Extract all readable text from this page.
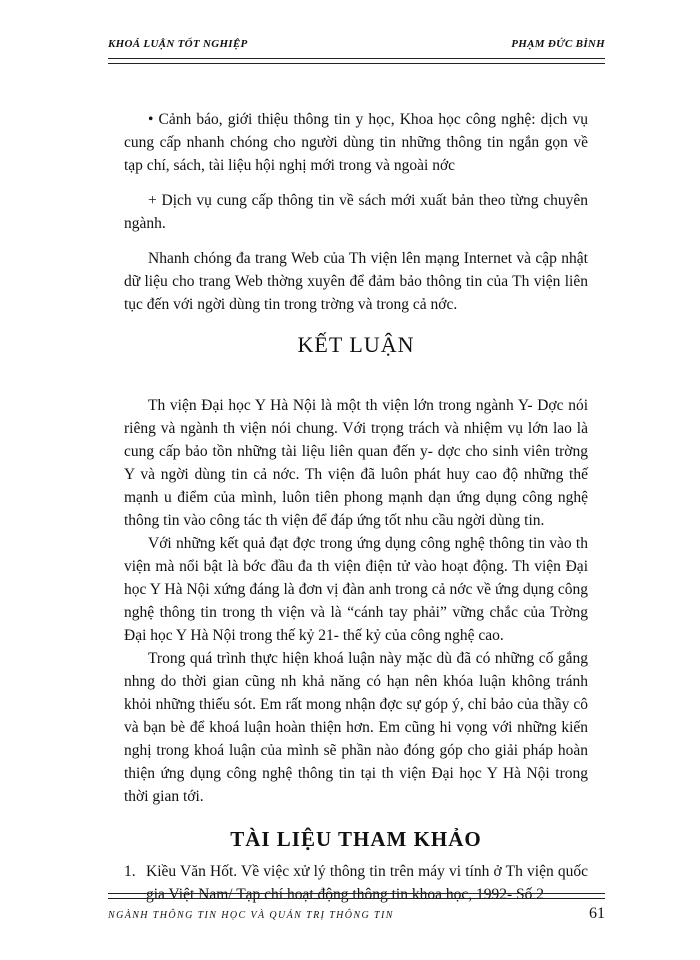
KHOÁ LUẬN TỐT NGHIỆP	PHẠM ĐỨC BÌNH

• Cảnh báo, giới thiệu thông tin y học, Khoa học công nghệ: dịch vụ cung cấp nhanh chóng cho người dùng tin những thông tin ngắn gọn về tạp chí, sách, tài liệu hội nghị mới trong và ngoài nớc

+ Dịch vụ cung cấp thông tin về sách mới xuất bản theo từng chuyên ngành.

Nhanh chóng đa trang Web của Th viện lên mạng Internet và cập nhật dữ liệu cho trang Web thờng xuyên để đảm bảo thông tin của Th viện liên tục đến với ngời dùng tin trong trờng và trong cả nớc.

KẾT LUẬN

Th viện Đại học Y Hà Nội là một th viện lớn trong ngành Y- Dợc nói riêng và ngành th viện nói chung. Với trọng trách và nhiệm vụ lớn lao là cung cấp bảo tồn những tài liệu liên quan đến y- dợc cho sinh viên trờng Y và ngời dùng tin cả nớc. Th viện đã luôn phát huy cao độ những thế mạnh u điểm của mình, luôn tiên phong mạnh dạn ứng dụng công nghệ thông tin vào công tác th viện để đáp ứng tốt nhu cầu ngời dùng tin.

Với những kết quả đạt đợc trong ứng dụng công nghệ thông tin vào th viện mà nổi bật là bớc đầu đa th viện điện tử vào hoạt động. Th viện Đại học Y Hà Nội xứng đáng là đơn vị đàn anh trong cả nớc về ứng dụng công nghệ thông tin trong th viện và là “cánh tay phải” vững chắc của Trờng Đại học Y Hà Nội trong thế kỷ 21- thế kỷ của công nghệ cao.

Trong quá trình thực hiện khoá luận này mặc dù đã có những cố gắng nhng do thời gian cũng nh khả năng có hạn nên khóa luận không tránh khỏi những thiếu sót. Em rất mong nhận đợc sự góp ý, chỉ bảo của thầy cô và bạn bè để khoá luận hoàn thiện hơn. Em cũng hi vọng với những kiến nghị trong khoá luận của mình sẽ phần nào đóng góp cho giải pháp hoàn thiện ứng dụng công nghệ thông tin tại th viện Đại học Y Hà Nội trong thời gian tới.

TÀI LIỆU THAM KHẢO
1. Kiều Văn Hốt. Về việc xử lý thông tin trên máy vi tính ở Th viện quốc gia Việt Nam/ Tạp chí hoạt động thông tin khoa học, 1992- Số 2
NGÀNH THÔNG TIN HỌC VÀ QUẢN TRỊ THÔNG TIN	61
